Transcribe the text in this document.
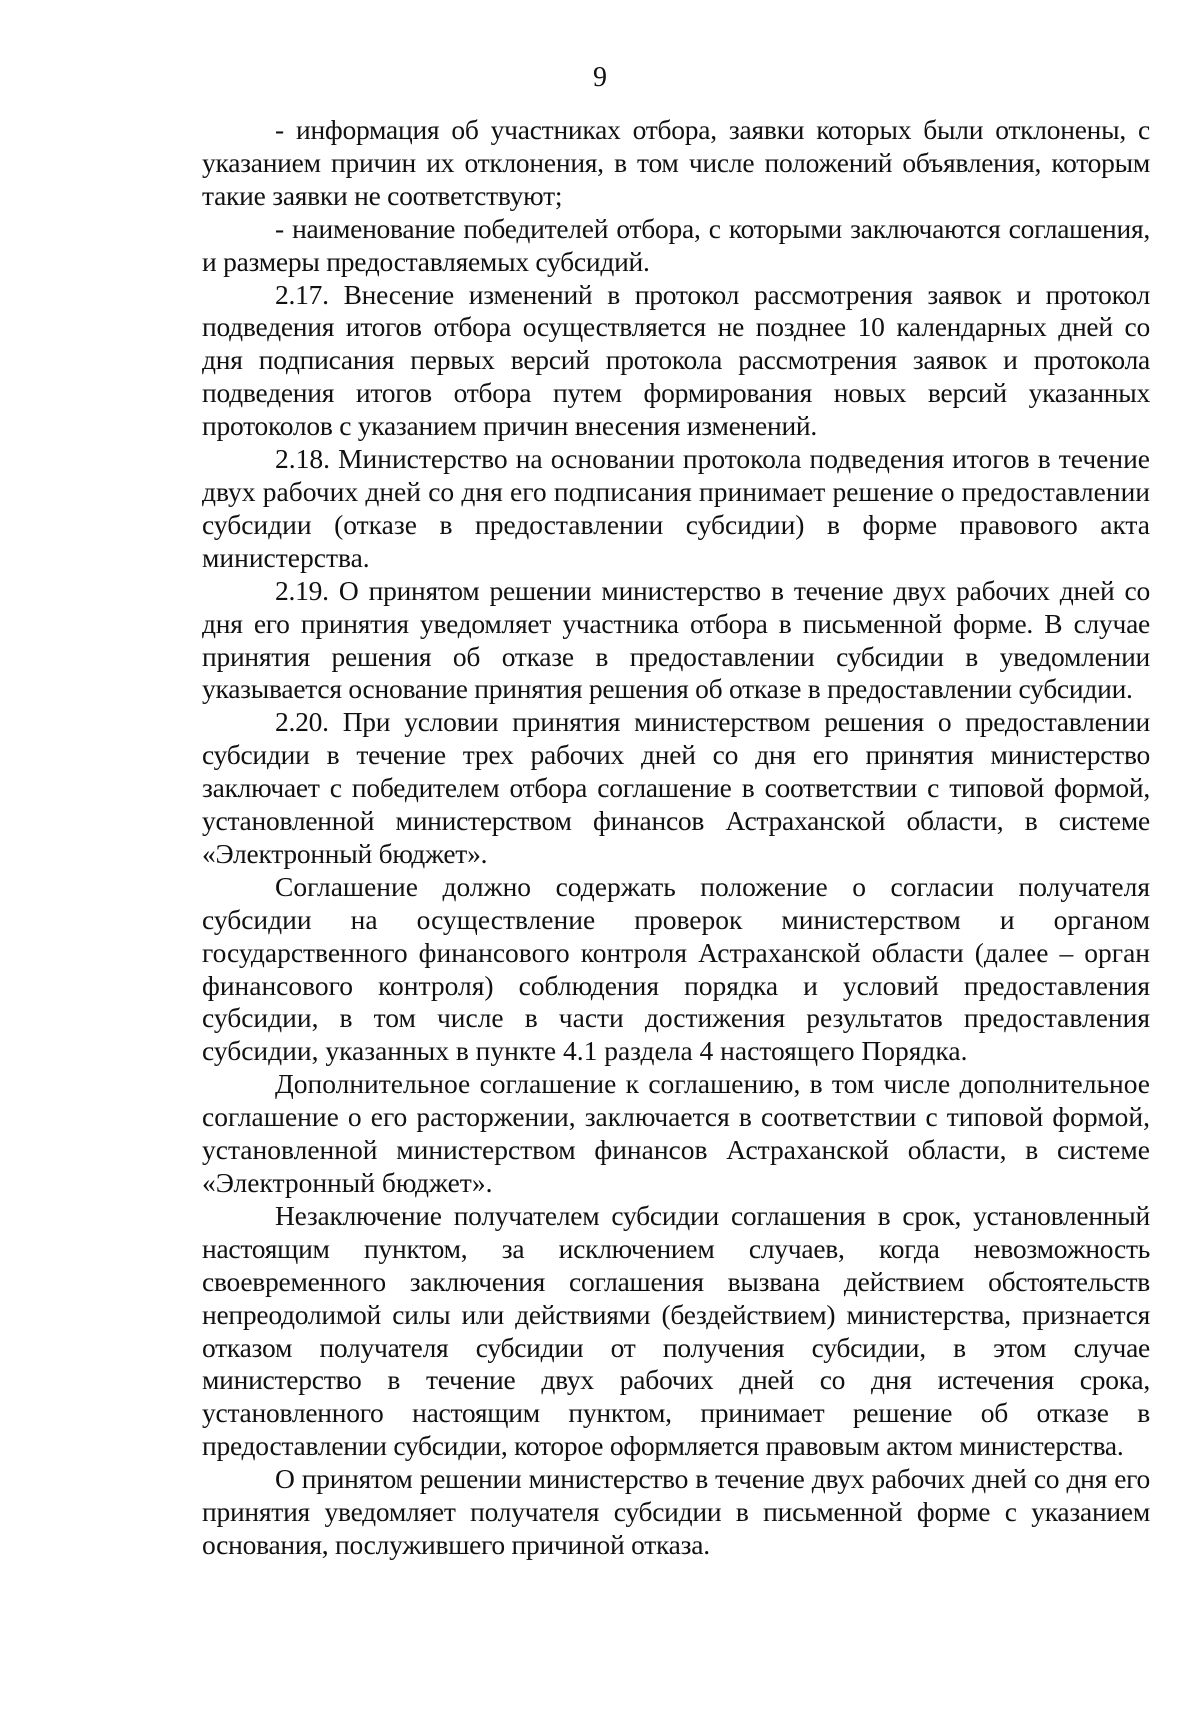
9

- информация об участниках отбора, заявки которых были отклонены, с указанием причин их отклонения, в том числе положений объявления, которым такие заявки не соответствуют;

- наименование победителей отбора, с которыми заключаются соглашения, и размеры предоставляемых субсидий.

2.17. Внесение изменений в протокол рассмотрения заявок и протокол подведения итогов отбора осуществляется не позднее 10 календарных дней со дня подписания первых версий протокола рассмотрения заявок и протокола подведения итогов отбора путем формирования новых версий указанных протоколов с указанием причин внесения изменений.

2.18. Министерство на основании протокола подведения итогов в течение двух рабочих дней со дня его подписания принимает решение о предоставлении субсидии (отказе в предоставлении субсидии) в форме правового акта министерства.

2.19. О принятом решении министерство в течение двух рабочих дней со дня его принятия уведомляет участника отбора в письменной форме. В случае принятия решения об отказе в предоставлении субсидии в уведомлении указывается основание принятия решения об отказе в предоставлении субсидии.

2.20. При условии принятия министерством решения о предоставлении субсидии в течение трех рабочих дней со дня его принятия министерство заключает с победителем отбора соглашение в соответствии с типовой формой, установленной министерством финансов Астраханской области, в системе «Электронный бюджет».

Соглашение должно содержать положение о согласии получателя субсидии на осуществление проверок министерством и органом государственного финансового контроля Астраханской области (далее – орган финансового контроля) соблюдения порядка и условий предоставления субсидии, в том числе в части достижения результатов предоставления субсидии, указанных в пункте 4.1 раздела 4 настоящего Порядка.

Дополнительное соглашение к соглашению, в том числе дополнительное соглашение о его расторжении, заключается в соответствии с типовой формой, установленной министерством финансов Астраханской области, в системе «Электронный бюджет».

Незаключение получателем субсидии соглашения в срок, установленный настоящим пунктом, за исключением случаев, когда невозможность своевременного заключения соглашения вызвана действием обстоятельств непреодолимой силы или действиями (бездействием) министерства, признается отказом получателя субсидии от получения субсидии, в этом случае министерство в течение двух рабочих дней со дня истечения срока, установленного настоящим пунктом, принимает решение об отказе в предоставлении субсидии, которое оформляется правовым актом министерства.

О принятом решении министерство в течение двух рабочих дней со дня его принятия уведомляет получателя субсидии в письменной форме с указанием основания, послужившего причиной отказа.
